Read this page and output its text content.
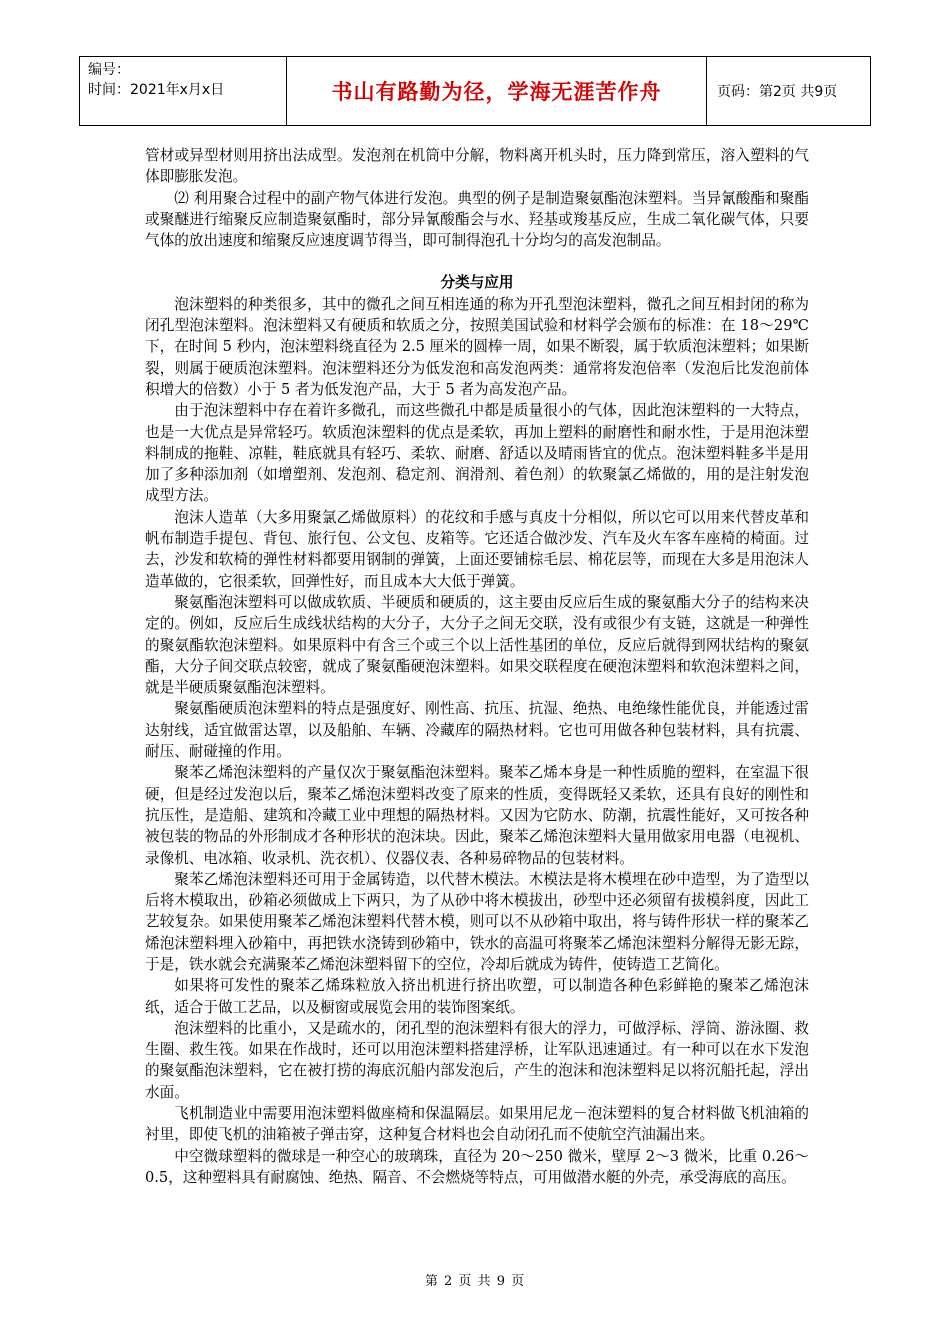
编号：
时间：2021年x月x日	书山有路勤为径，学海无涯苦作舟	页码：第2页 共9页

管材或异型材则用挤出法成型。发泡剂在机筒中分解，物料离开机头时，压力降到常压，溶入塑料的气体即膨胀发泡。

⑵ 利用聚合过程中的副产物气体进行发泡。典型的例子是制造聚氨酯泡沫塑料。当异氰酸酯和聚酯或聚醚进行缩聚反应制造聚氨酯时，部分异氰酸酯会与水、羟基或羧基反应，生成二氧化碳气体，只要气体的放出速度和缩聚反应速度调节得当，即可制得泡孔十分均匀的高发泡制品。

分类与应用

泡沫塑料的种类很多，其中的微孔之间互相连通的称为开孔型泡沫塑料，微孔之间互相封闭的称为闭孔型泡沫塑料。泡沫塑料又有硬质和软质之分，按照美国试验和材料学会颁布的标准：在 18～29℃下，在时间 5 秒内，泡沫塑料绕直径为 2.5 厘米的圆棒一周，如果不断裂，属于软质泡沫塑料；如果断裂，则属于硬质泡沫塑料。泡沫塑料还分为低发泡和高发泡两类：通常将发泡倍率（发泡后比发泡前体积增大的倍数）小于 5 者为低发泡产品，大于 5 者为高发泡产品。

由于泡沫塑料中存在着许多微孔，而这些微孔中都是质量很小的气体，因此泡沫塑料的一大特点，也是一大优点是异常轻巧。软质泡沫塑料的优点是柔软，再加上塑料的耐磨性和耐水性，于是用泡沫塑料制成的拖鞋、凉鞋，鞋底就具有轻巧、柔软、耐磨、舒适以及晴雨皆宜的优点。泡沫塑料鞋多半是用加了多种添加剂（如增塑剂、发泡剂、稳定剂、润滑剂、着色剂）的软聚氯乙烯做的，用的是注射发泡成型方法。

泡沫人造革（大多用聚氯乙烯做原料）的花纹和手感与真皮十分相似，所以它可以用来代替皮革和帆布制造手提包、背包、旅行包、公文包、皮箱等。它还适合做沙发、汽车及火车客车座椅的椅面。过去，沙发和软椅的弹性材料都要用钢制的弹簧，上面还要铺棕毛层、棉花层等，而现在大多是用泡沫人造革做的，它很柔软，回弹性好，而且成本大大低于弹簧。

聚氨酯泡沫塑料可以做成软质、半硬质和硬质的，这主要由反应后生成的聚氨酯大分子的结构来决定的。例如，反应后生成线状结构的大分子，大分子之间无交联，没有或很少有支链，这就是一种弹性的聚氨酯软泡沫塑料。如果原料中有含三个或三个以上活性基团的单位，反应后就得到网状结构的聚氨酯，大分子间交联点较密，就成了聚氨酯硬泡沫塑料。如果交联程度在硬泡沫塑料和软泡沫塑料之间，就是半硬质聚氨酯泡沫塑料。

聚氨酯硬质泡沫塑料的特点是强度好、刚性高、抗压、抗湿、绝热、电绝缘性能优良，并能透过雷达射线，适宜做雷达罩，以及船舶、车辆、冷藏库的隔热材料。它也可用做各种包装材料，具有抗震、耐压、耐碰撞的作用。

聚苯乙烯泡沫塑料的产量仅次于聚氨酯泡沫塑料。聚苯乙烯本身是一种性质脆的塑料，在室温下很硬，但是经过发泡以后，聚苯乙烯泡沫塑料改变了原来的性质，变得既轻又柔软，还具有良好的刚性和抗压性，是造船、建筑和冷藏工业中理想的隔热材料。又因为它防水、防潮，抗震性能好，又可按各种被包装的物品的外形制成才各种形状的泡沫块。因此，聚苯乙烯泡沫塑料大量用做家用电器（电视机、录像机、电冰箱、收录机、洗衣机）、仪器仪表、各种易碎物品的包装材料。

聚苯乙烯泡沫塑料还可用于金属铸造，以代替木模法。木模法是将木模埋在砂中造型，为了造型以后将木模取出，砂箱必须做成上下两只，为了从砂中将木模拔出，砂型中还必须留有拔模斜度，因此工艺较复杂。如果使用聚苯乙烯泡沫塑料代替木模，则可以不从砂箱中取出，将与铸件形状一样的聚苯乙烯泡沫塑料埋入砂箱中，再把铁水浇铸到砂箱中，铁水的高温可将聚苯乙烯泡沫塑料分解得无影无踪，于是，铁水就会充满聚苯乙烯泡沫塑料留下的空位，冷却后就成为铸件，使铸造工艺简化。

如果将可发性的聚苯乙烯珠粒放入挤出机进行挤出吹塑，可以制造各种色彩鲜艳的聚苯乙烯泡沫纸，适合于做工艺品，以及橱窗或展览会用的装饰图案纸。

泡沫塑料的比重小，又是疏水的，闭孔型的泡沫塑料有很大的浮力，可做浮标、浮筒、游泳圈、救生圈、救生筏。如果在作战时，还可以用泡沫塑料搭建浮桥，让军队迅速通过。有一种可以在水下发泡的聚氨酯泡沫塑料，它在被打捞的海底沉船内部发泡后，产生的泡沫和泡沫塑料足以将沉船托起，浮出水面。

飞机制造业中需要用泡沫塑料做座椅和保温隔层。如果用尼龙－泡沫塑料的复合材料做飞机油箱的衬里，即使飞机的油箱被子弹击穿，这种复合材料也会自动闭孔而不使航空汽油漏出来。

中空微球塑料的微球是一种空心的玻璃珠，直径为 20～250 微米，壁厚 2～3 微米，比重 0.26～0.5，这种塑料具有耐腐蚀、绝热、隔音、不会燃烧等特点，可用做潜水艇的外壳，承受海底的高压。

第 2 页 共 9 页
